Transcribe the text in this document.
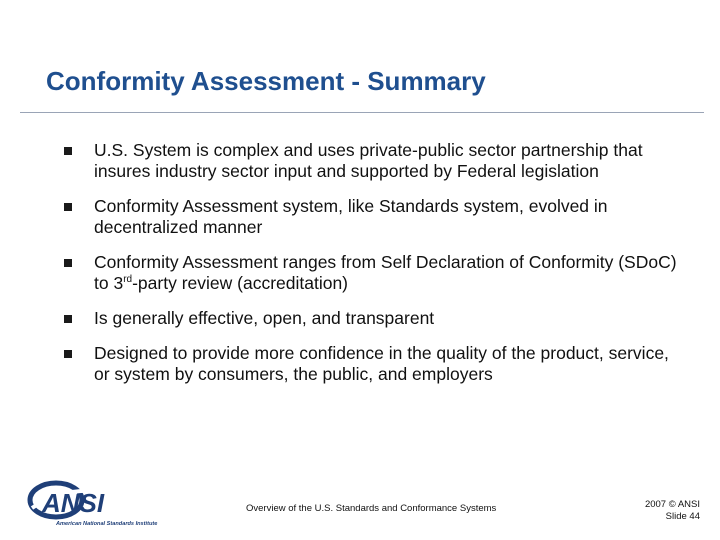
Conformity Assessment - Summary
U.S. System is complex and uses private-public sector partnership that insures industry sector input and supported by Federal legislation
Conformity Assessment system, like Standards system, evolved in decentralized manner
Conformity Assessment ranges from Self Declaration of Conformity (SDoC) to 3rd-party review (accreditation)
Is generally effective, open, and transparent
Designed to provide more confidence in the quality of the product, service, or system by consumers, the public, and employers
ANSI
American National Standards Institute
Overview of the U.S. Standards and Conformance Systems	2007 © ANSI
Slide 44
